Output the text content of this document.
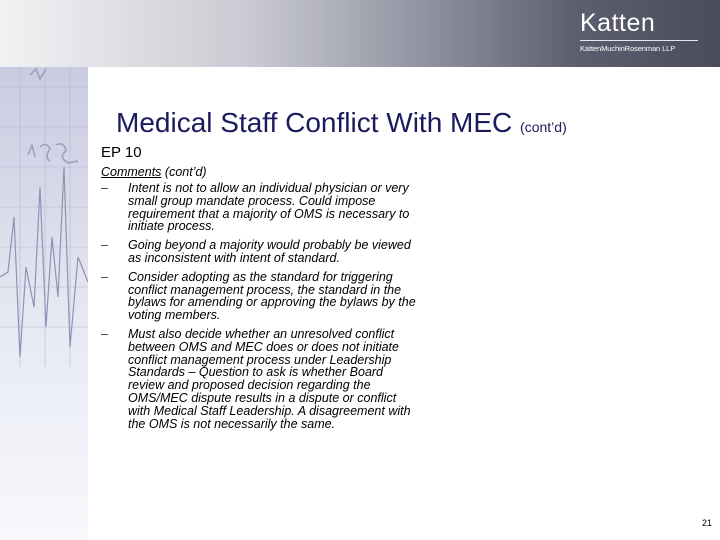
Katten
KattenMuchinRosenman LLP
Medical Staff Conflict With MEC (cont’d)
EP 10
Comments (cont’d)
– Intent is not to allow an individual physician or very small group mandate process. Could impose requirement that a majority of OMS is necessary to initiate process.
– Going beyond a majority would probably be viewed as inconsistent with intent of standard.
– Consider adopting as the standard for triggering conflict management process, the standard in the bylaws for amending or approving the bylaws by the voting members.
– Must also decide whether an unresolved conflict between OMS and MEC does or does not initiate conflict management process under Leadership Standards – Question to ask is whether Board review and proposed decision regarding the OMS/MEC dispute results in a dispute or conflict with Medical Staff Leadership. A disagreement with the OMS is not necessarily the same.
21
